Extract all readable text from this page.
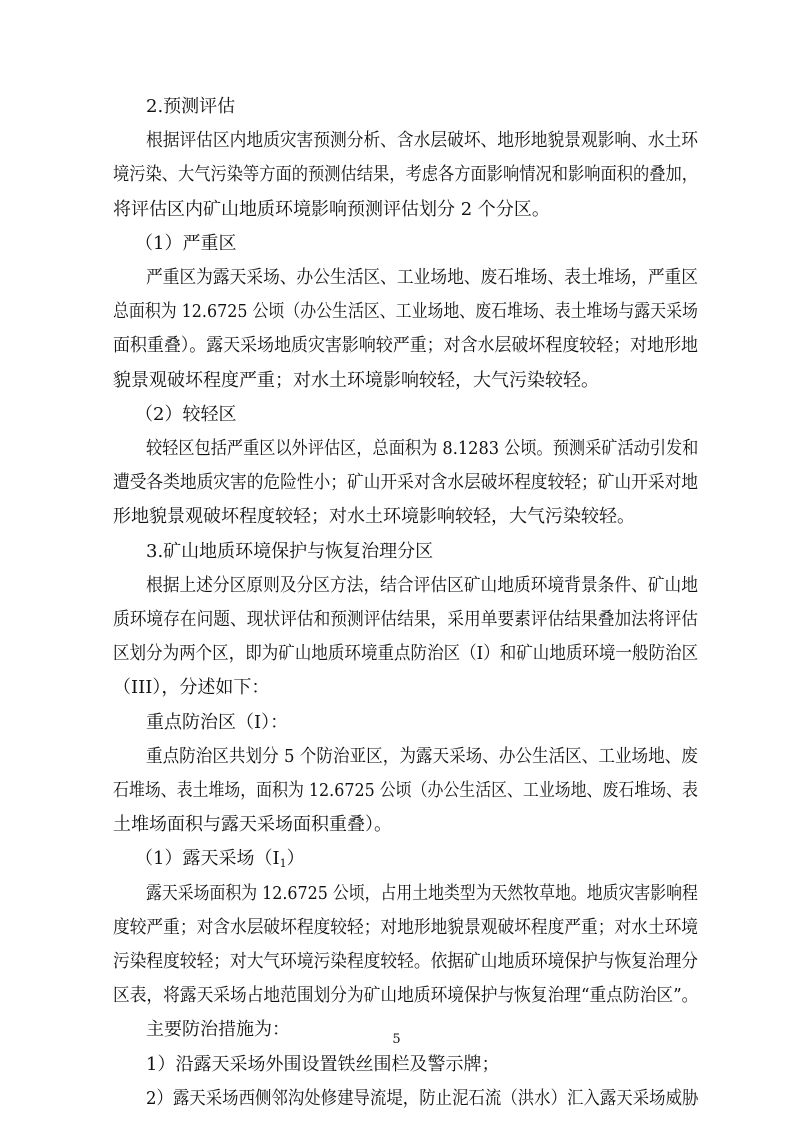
2.预测评估
根据评估区内地质灾害预测分析、含水层破坏、地形地貌景观影响、水土环
境污染、大气污染等方面的预测估结果，考虑各方面影响情况和影响面积的叠加，
将评估区内矿山地质环境影响预测评估划分 2 个分区。
（1）严重区
严重区为露天采场、办公生活区、工业场地、废石堆场、表土堆场，严重区
总面积为 12.6725 公顷（办公生活区、工业场地、废石堆场、表土堆场与露天采场
面积重叠）。露天采场地质灾害影响较严重；对含水层破坏程度较轻；对地形地
貌景观破坏程度严重；对水土环境影响较轻，大气污染较轻。
（2）较轻区
较轻区包括严重区以外评估区，总面积为 8.1283 公顷。预测采矿活动引发和
遭受各类地质灾害的危险性小；矿山开采对含水层破坏程度较轻；矿山开采对地
形地貌景观破坏程度较轻；对水土环境影响较轻，大气污染较轻。
3.矿山地质环境保护与恢复治理分区
根据上述分区原则及分区方法，结合评估区矿山地质环境背景条件、矿山地
质环境存在问题、现状评估和预测评估结果，采用单要素评估结果叠加法将评估
区划分为两个区，即为矿山地质环境重点防治区（I）和矿山地质环境一般防治区
（III），分述如下：
重点防治区（I）：
重点防治区共划分 5 个防治亚区，为露天采场、办公生活区、工业场地、废
石堆场、表土堆场，面积为 12.6725 公顷（办公生活区、工业场地、废石堆场、表
土堆场面积与露天采场面积重叠）。
（1）露天采场$(I_1)$
露天采场面积为 12.6725 公顷，占用土地类型为天然牧草地。地质灾害影响程
度较严重；对含水层破坏程度较轻；对地形地貌景观破坏程度严重；对水土环境
污染程度较轻；对大气环境污染程度较轻。依据矿山地质环境保护与恢复治理分
区表，将露天采场占地范围划分为矿山地质环境保护与恢复治理“重点防治区”。
主要防治措施为：
1）沿露天采场外围设置铁丝围栏及警示牌；
2）露天采场西侧邻沟处修建导流堤，防止泥石流（洪水）汇入露天采场威胁
5
